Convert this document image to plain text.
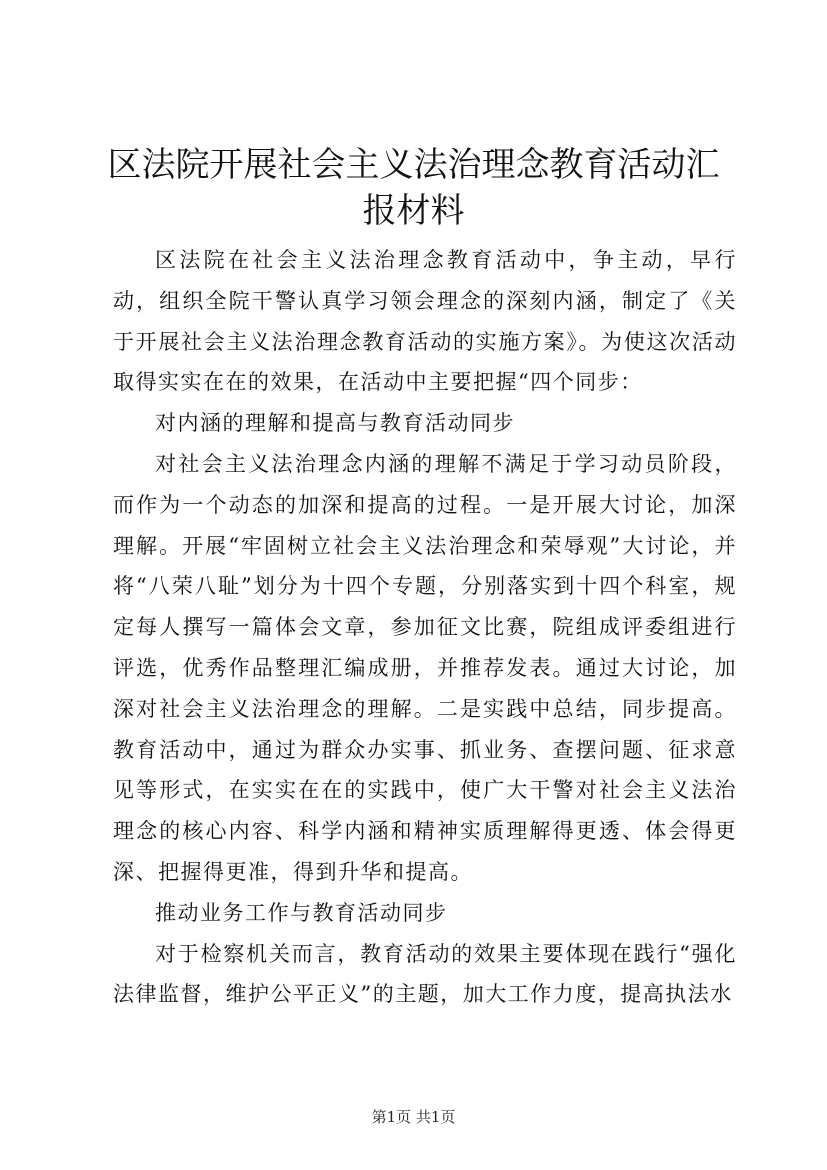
区法院开展社会主义法治理念教育活动汇报材料

区法院在社会主义法治理念教育活动中，争主动，早行动，组织全院干警认真学习领会理念的深刻内涵，制定了《关于开展社会主义法治理念教育活动的实施方案》。为使这次活动取得实实在在的效果，在活动中主要把握“四个同步：

对内涵的理解和提高与教育活动同步

对社会主义法治理念内涵的理解不满足于学习动员阶段，而作为一个动态的加深和提高的过程。一是开展大讨论，加深理解。开展“牢固树立社会主义法治理念和荣辱观”大讨论，并将“八荣八耻”划分为十四个专题，分别落实到十四个科室，规定每人撰写一篇体会文章，参加征文比赛，院组成评委组进行评选，优秀作品整理汇编成册，并推荐发表。通过大讨论，加深对社会主义法治理念的理解。二是实践中总结，同步提高。教育活动中，通过为群众办实事、抓业务、查摆问题、征求意见等形式，在实实在在的实践中，使广大干警对社会主义法治理念的核心内容、科学内涵和精神实质理解得更透、体会得更深、把握得更准，得到升华和提高。

推动业务工作与教育活动同步

对于检察机关而言，教育活动的效果主要体现在践行“强化法律监督，维护公平正义”的主题，加大工作力度，提高执法水

第1页 共1页
